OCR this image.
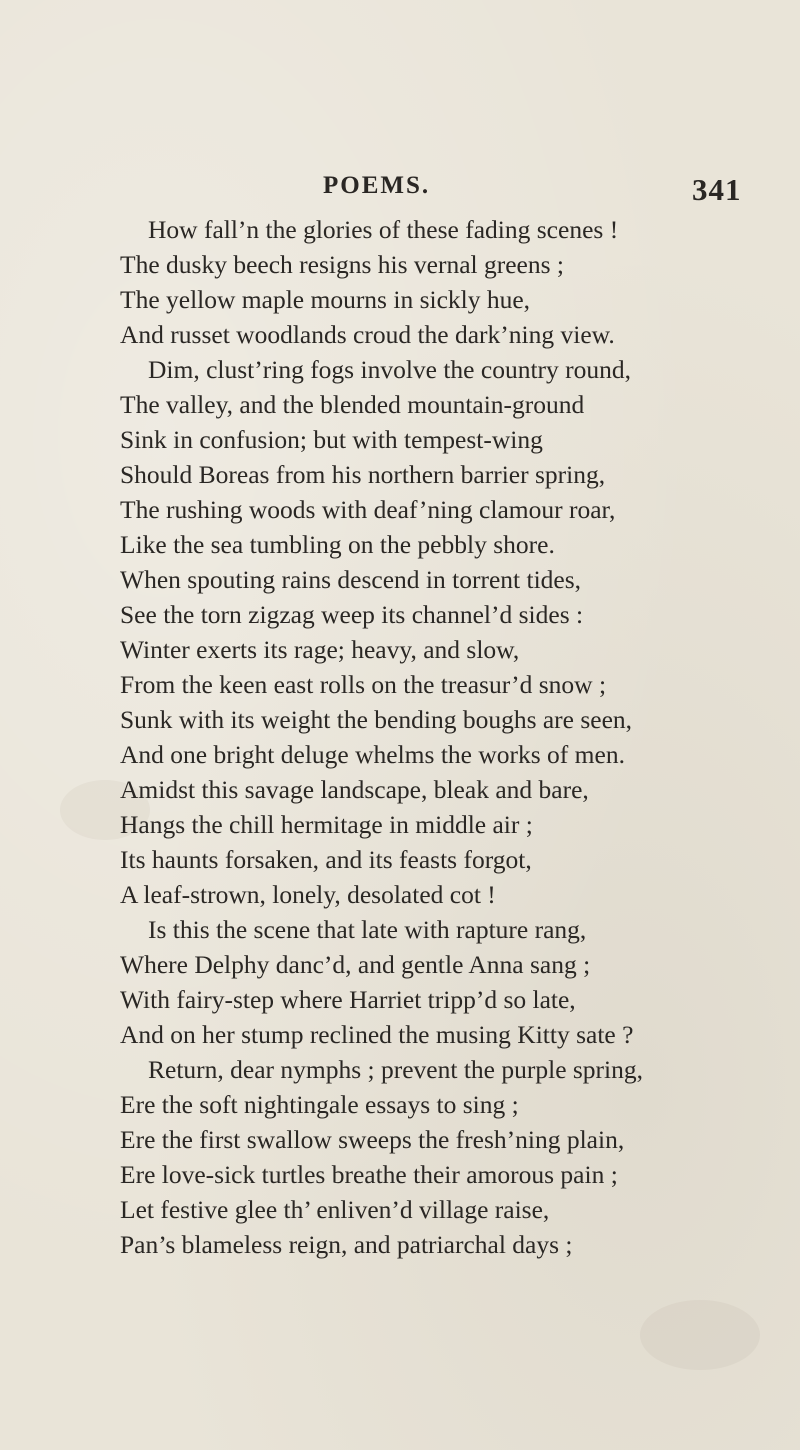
POEMS.	341
How fall’n the glories of these fading scenes !
The dusky beech resigns his vernal greens ;
The yellow maple mourns in sickly hue,
And russet woodlands croud the dark’ning view.
Dim, clust’ring fogs involve the country round,
The valley, and the blended mountain-ground
Sink in confusion; but with tempest-wing
Should Boreas from his northern barrier spring,
The rushing woods with deaf’ning clamour roar,
Like the sea tumbling on the pebbly shore.
When spouting rains descend in torrent tides,
See the torn zigzag weep its channel’d sides :
Winter exerts its rage; heavy, and slow,
From the keen east rolls on the treasur’d snow ;
Sunk with its weight the bending boughs are seen,
And one bright deluge whelms the works of men.
Amidst this savage landscape, bleak and bare,
Hangs the chill hermitage in middle air ;
Its haunts forsaken, and its feasts forgot,
A leaf-strown, lonely, desolated cot !
Is this the scene that late with rapture rang,
Where Delphy danc’d, and gentle Anna sang ;
With fairy-step where Harriet tripp’d so late,
And on her stump reclined the musing Kitty sate ?
Return, dear nymphs ; prevent the purple spring,
Ere the soft nightingale essays to sing ;
Ere the first swallow sweeps the fresh’ning plain,
Ere love-sick turtles breathe their amorous pain ;
Let festive glee th’ enliven’d village raise,
Pan’s blameless reign, and patriarchal days ;
